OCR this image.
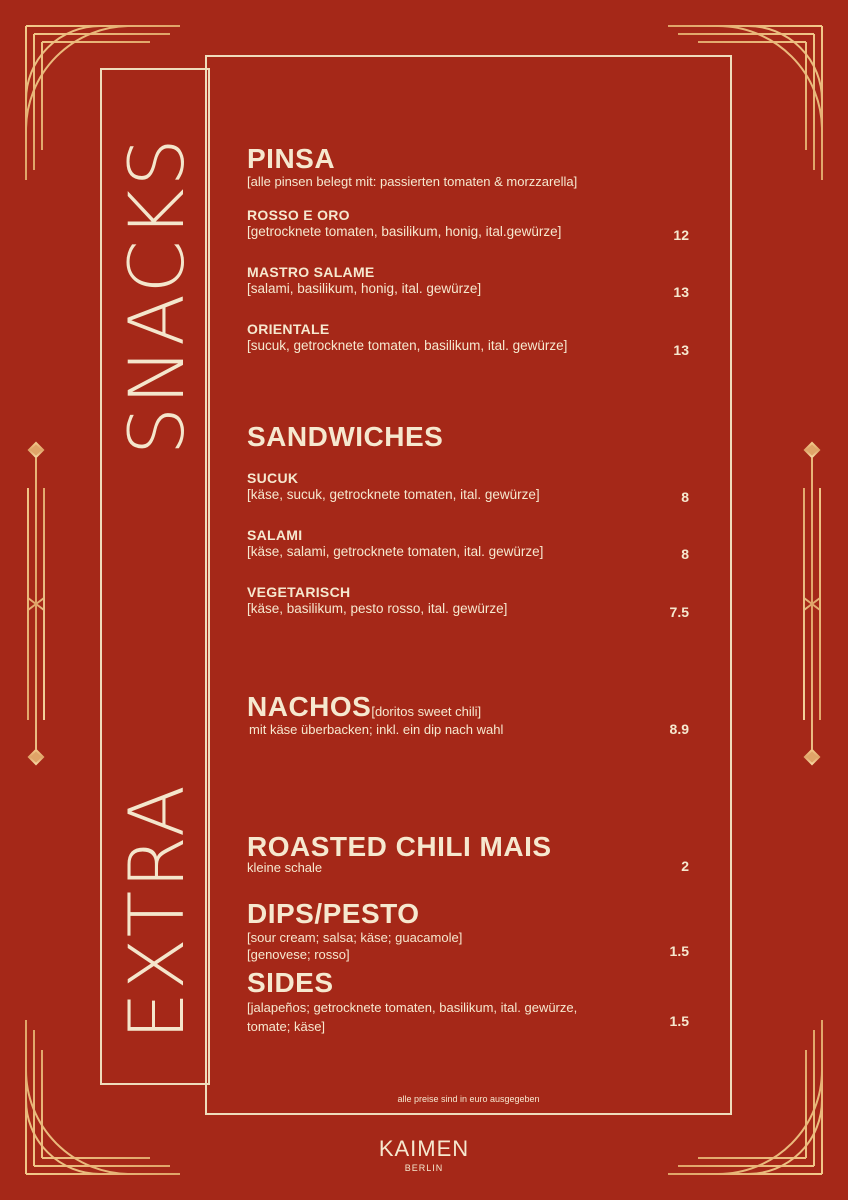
EXTRASNACKS PINSA
[alle pinsen belegt mit: passierten tomaten & morzzarella]
ROSSO E ORO
[getrocknete tomaten, basilikum, honig, ital.gewürze]	12
MASTRO SALAME
[salami, basilikum, honig, ital. gewürze]	13
ORIENTALE
[sucuk, getrocknete tomaten, basilikum, ital. gewürze]	13
SANDWICHES
SUCUK
[käse, sucuk, getrocknete tomaten, ital. gewürze]	8
SALAMI
[käse, salami, getrocknete tomaten, ital. gewürze]	8
VEGETARISCH
[käse, basilikum, pesto rosso, ital. gewürze]	7.5
NACHOS[doritos sweet chili]
mit käse überbacken; inkl. ein dip nach wahl	8.9
ROASTED CHILI MAIS
kleine schale	2
DIPS/PESTO
[sour cream; salsa; käse; guacamole]
[genovese; rosso]	1.5
SIDES
[jalapeños; getrocknete tomaten, basilikum, ital. gewürze,
tomate; käse]	1.5
alle preise sind in euro ausgegeben
KAIMEN
BERLIN
